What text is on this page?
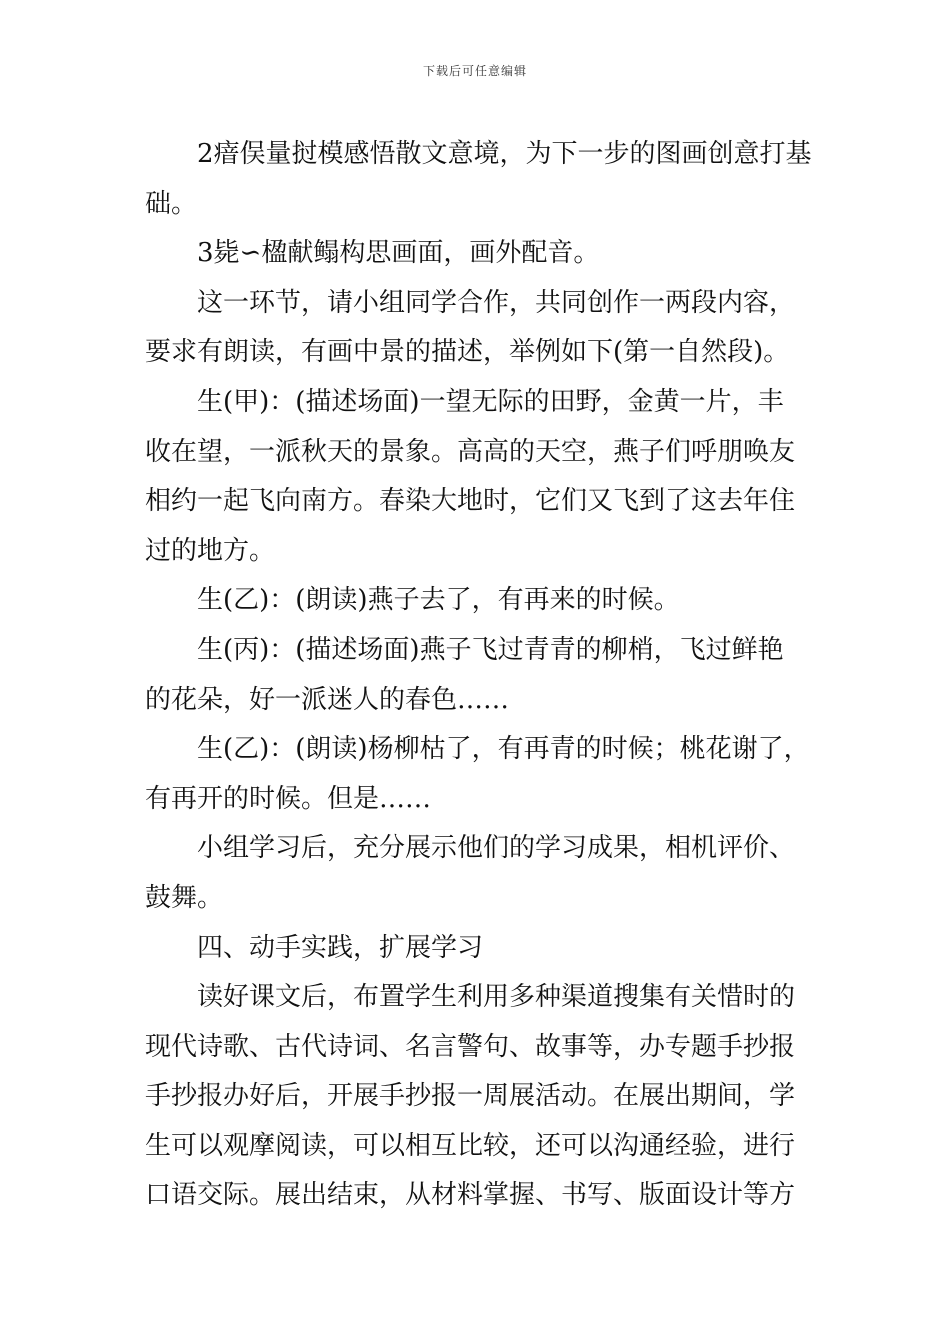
下载后可任意编辑
2瘖俣量挝模感悟散文意境，为下一步的图画创意打基
础。
3毙∽楹献鳎构思画面，画外配音。
这一环节，请小组同学合作，共同创作一两段内容，
要求有朗读，有画中景的描述，举例如下(第一自然段)。
生(甲)：(描述场面)一望无际的田野，金黄一片，丰
收在望，一派秋天的景象。高高的天空，燕子们呼朋唤友
相约一起飞向南方。春染大地时，它们又飞到了这去年住
过的地方。
生(乙)：(朗读)燕子去了，有再来的时候。
生(丙)：(描述场面)燕子飞过青青的柳梢，飞过鲜艳
的花朵，好一派迷人的春色……
生(乙)：(朗读)杨柳枯了，有再青的时候；桃花谢了，
有再开的时候。但是……
小组学习后，充分展示他们的学习成果，相机评价、
鼓舞。
四、动手实践，扩展学习
读好课文后，布置学生利用多种渠道搜集有关惜时的
现代诗歌、古代诗词、名言警句、故事等，办专题手抄报
手抄报办好后，开展手抄报一周展活动。在展出期间，学
生可以观摩阅读，可以相互比较，还可以沟通经验，进行
口语交际。展出结束，从材料掌握、书写、版面设计等方
